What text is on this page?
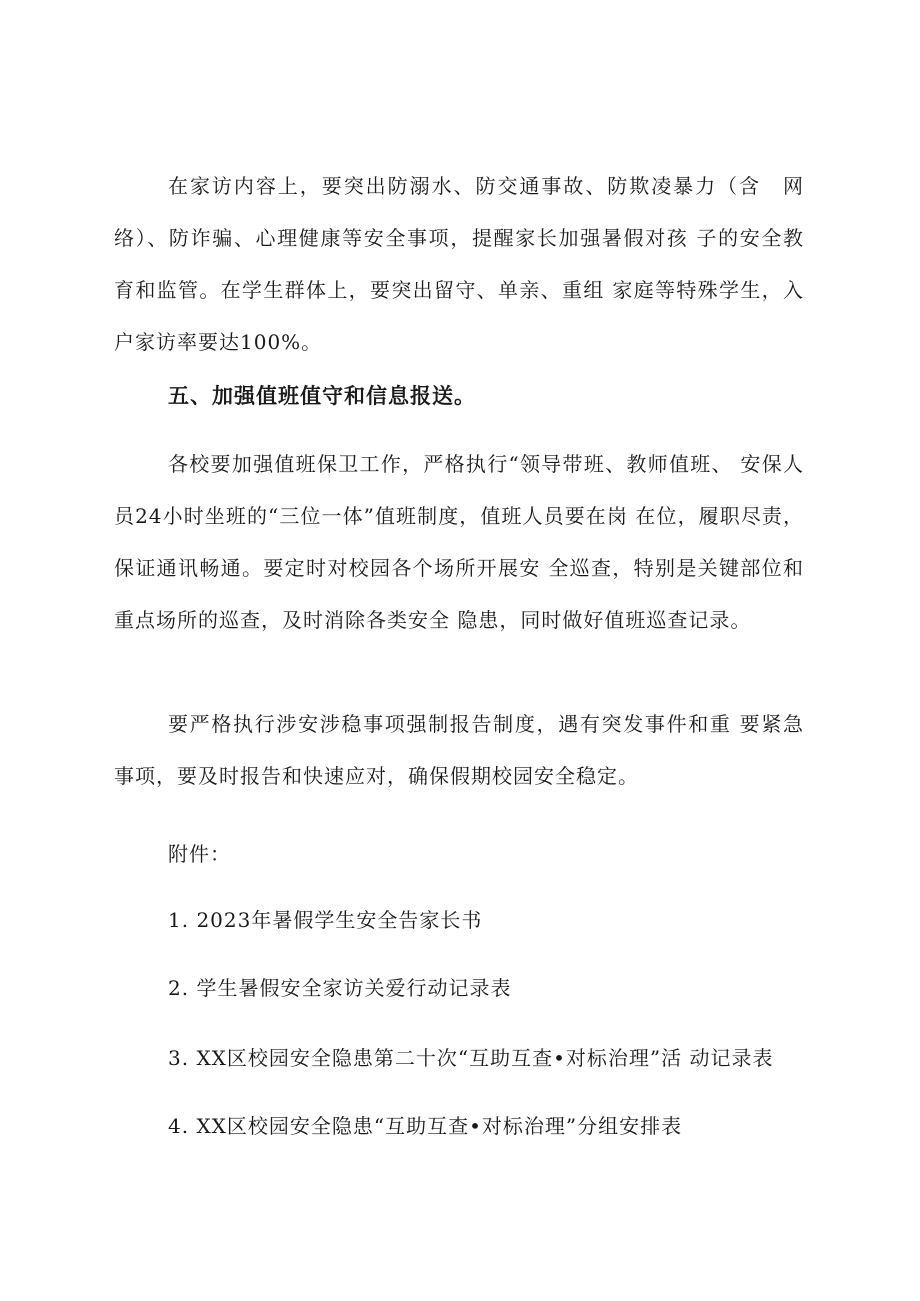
在家访内容上，要突出防溺水、防交通事故、防欺凌暴力（含　网络）、防诈骗、心理健康等安全事项，提醒家长加强暑假对孩 子的安全教育和监管。在学生群体上，要突出留守、单亲、重组 家庭等特殊学生，入户家访率要达100%。

五、加强值班值守和信息报送。

各校要加强值班保卫工作，严格执行“领导带班、教师值班、 安保人员24小时坐班的“三位一体”值班制度，值班人员要在岗 在位，履职尽责，保证通讯畅通。要定时对校园各个场所开展安 全巡查，特别是关键部位和重点场所的巡查，及时消除各类安全 隐患，同时做好值班巡查记录。

要严格执行涉安涉稳事项强制报告制度，遇有突发事件和重 要紧急事项，要及时报告和快速应对，确保假期校园安全稳定。

附件：

1. 2023年暑假学生安全告家长书

2. 学生暑假安全家访关爱行动记录表

3. XX区校园安全隐患第二十次“互助互查•对标治理”活 动记录表

4. XX区校园安全隐患“互助互查•对标治理”分组安排表
